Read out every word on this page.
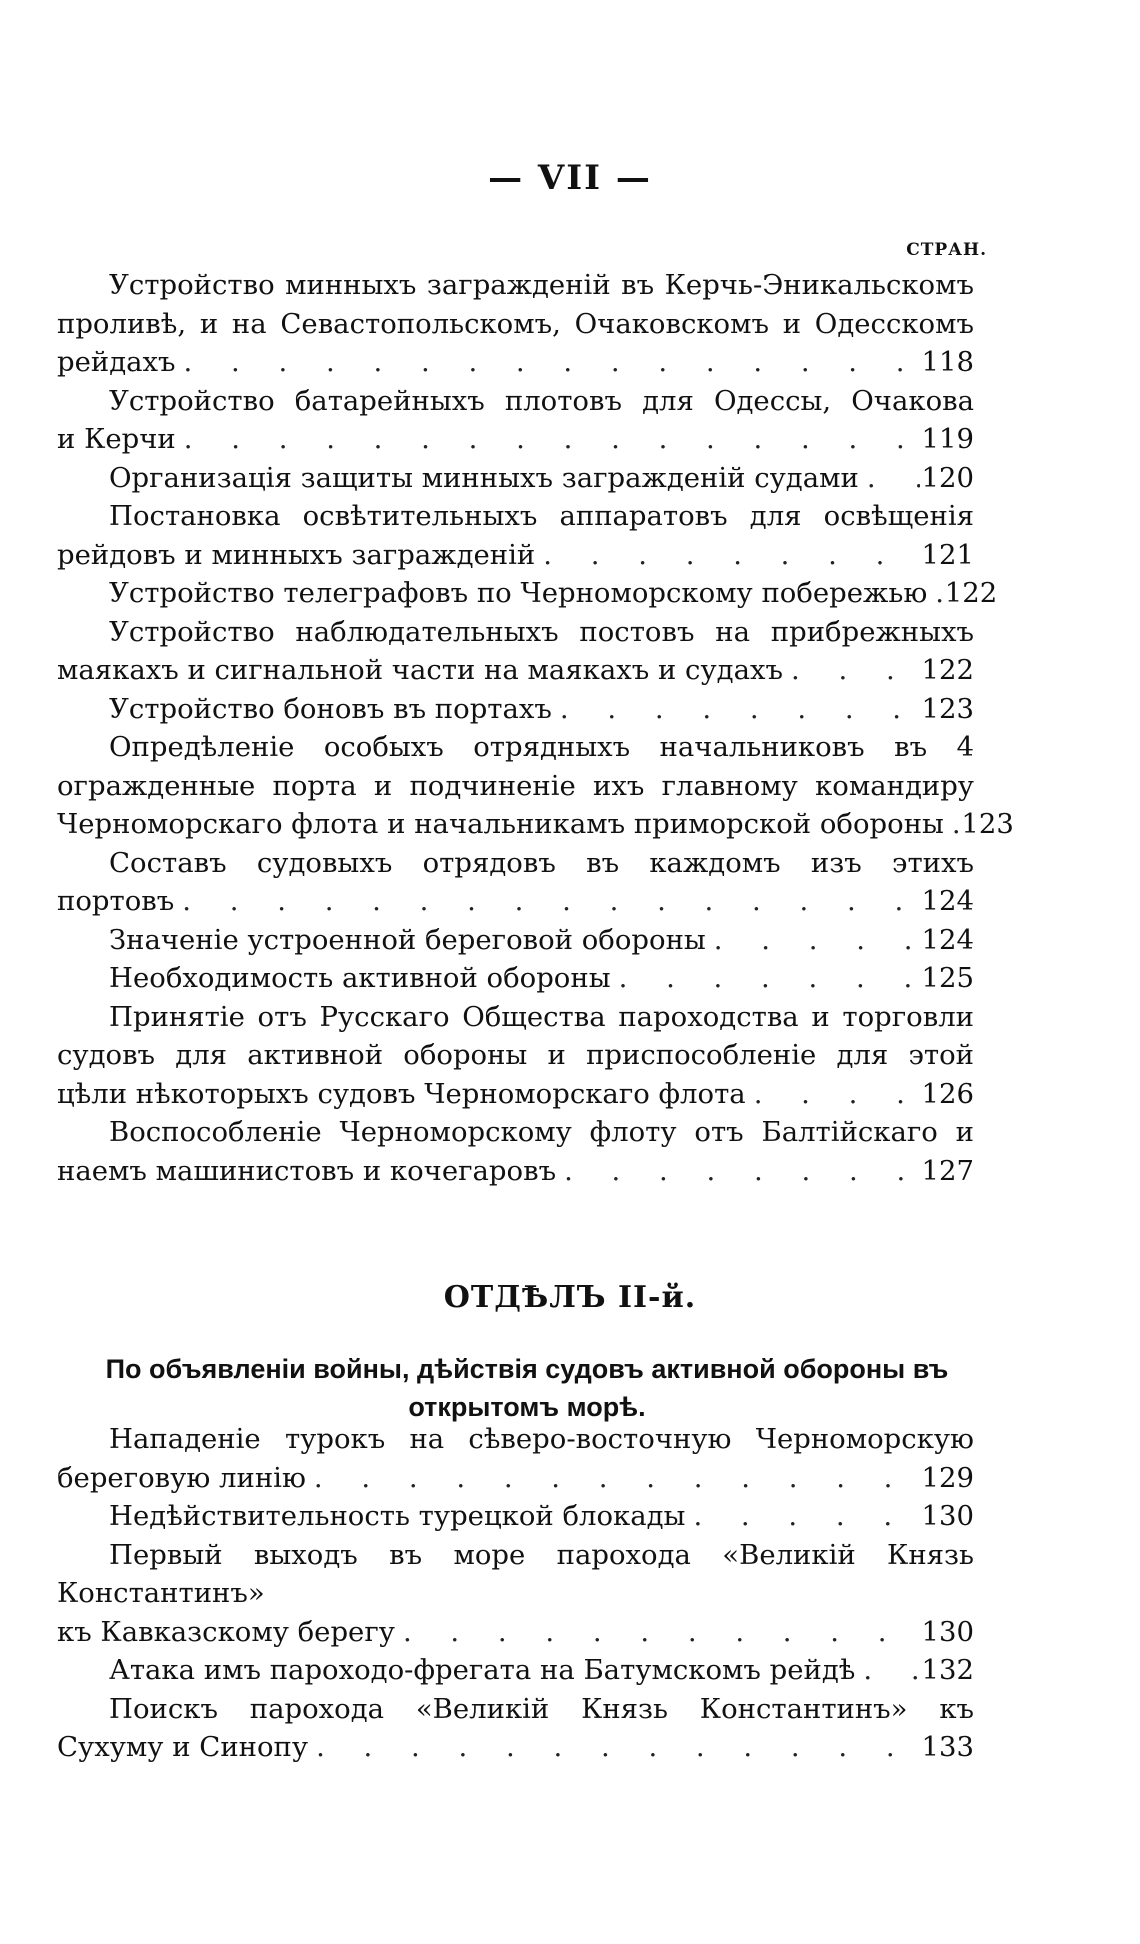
— VII —
СТРАН.
Устройство минныхъ загражденій въ Керчь-Эникальскомъ проливѣ, и на Севастопольскомъ, Очаковскомъ и Одесскомъ
рейдахъ . . .	118
Устройство батарейныхъ плотовъ для Одессы, Очакова
и Керчи . . .	119
Организація защиты минныхъ загражденій судами . . . 120
Постановка освѣтительныхъ аппаратовъ для освѣщенія
рейдовъ и минныхъ загражденій . . .	121
Устройство телеграфовъ по Черноморскому побережью . . . 122
Устройство наблюдательныхъ постовъ на прибрежныхъ
маякахъ и сигнальной части на маякахъ и судахъ . . .	122
Устройство боновъ въ портахъ . . .	123
Опредѣленіе особыхъ отрядныхъ начальниковъ въ 4 огражденные порта и подчиненіе ихъ главному командиру
Черноморскаго флота и начальникамъ приморской обороны . . . 123
Составъ судовыхъ отрядовъ въ каждомъ изъ этихъ
портовъ . . .	124
Значеніе устроенной береговой обороны . . .	124
Необходимость активной обороны . . .	125
Принятіе отъ Русскаго Общества пароходства и торговли судовъ для активной обороны и приспособленіе для этой
цѣли нѣкоторыхъ судовъ Черноморскаго флота . . .	126
Воспособленіе Черноморскому флоту отъ Балтійскаго и
наемъ машинистовъ и кочегаровъ . . .	127
ОТДѢЛЪ II-й.
По объявленіи войны, дѣйствія судовъ активной обороны въ открытомъ морѣ.
Нападеніе турокъ на сѣверо-восточную Черноморскую
береговую линію . . .	129
Недѣйствительность турецкой блокады . . .	130
Первый выходъ въ море парохода «Великій Князь Константинъ»
къ Кавказскому берегу . . .	130
Атака имъ пароходо-фрегата на Батумскомъ рейдѣ . . . 132
Поискъ парохода «Великій Князь Константинъ» къ
Сухуму и Синопу . . .	133
